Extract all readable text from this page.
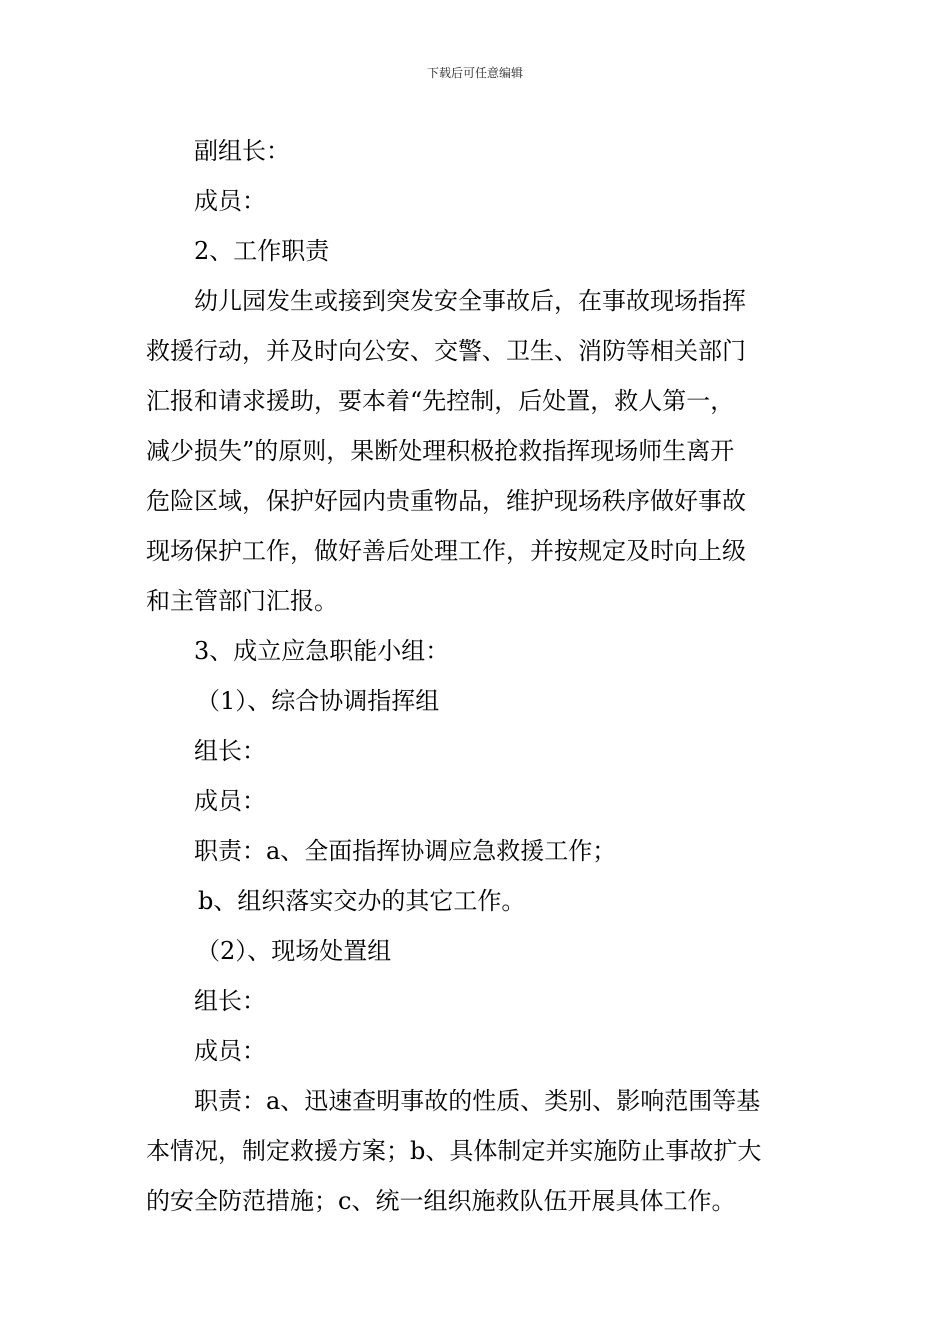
下载后可任意编辑
副组长：
成员：
2、工作职责
幼儿园发生或接到突发安全事故后，在事故现场指挥
救援行动，并及时向公安、交警、卫生、消防等相关部门
汇报和请求援助，要本着“先控制，后处置，救人第一，
减少损失”的原则，果断处理积极抢救指挥现场师生离开
危险区域，保护好园内贵重物品，维护现场秩序做好事故
现场保护工作，做好善后处理工作，并按规定及时向上级
和主管部门汇报。
3、成立应急职能小组：
（1）、综合协调指挥组
组长：
成员：
职责：a、全面指挥协调应急救援工作；
b、组织落实交办的其它工作。
（2）、现场处置组
组长：
成员：
职责：a、迅速查明事故的性质、类别、影响范围等基
本情况，制定救援方案；b、具体制定并实施防止事故扩大
的安全防范措施；c、统一组织施救队伍开展具体工作。
